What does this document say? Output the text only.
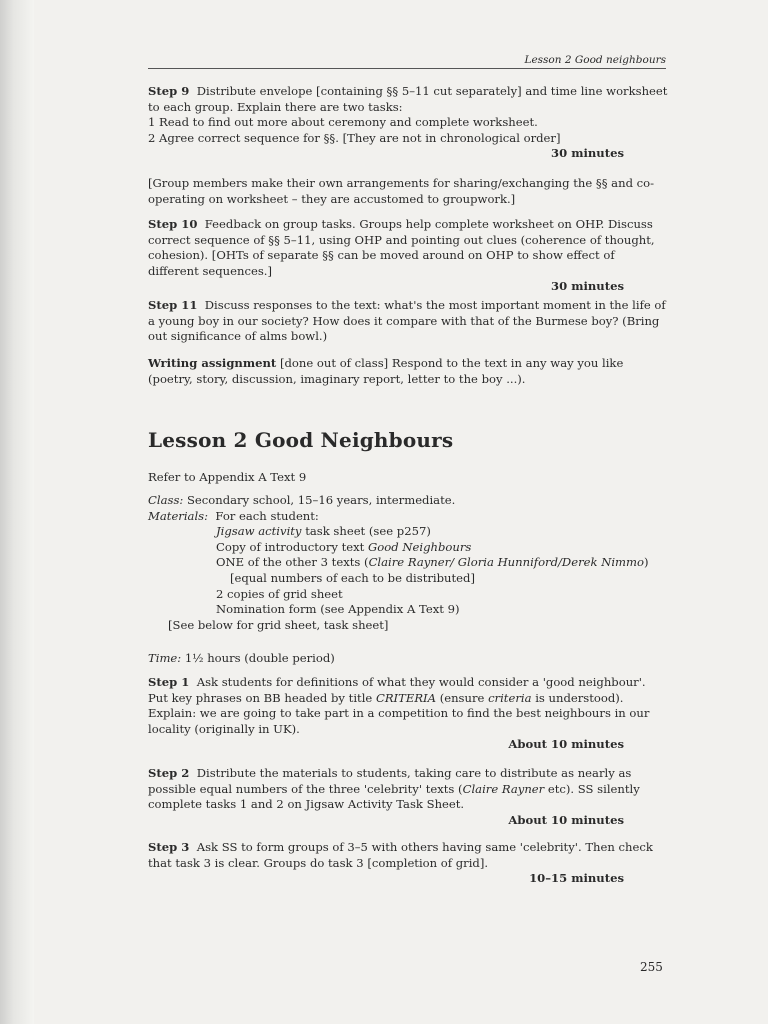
Lesson 2 Good neighbours

Step 9 Distribute envelope [containing §§ 5–11 cut separately] and time line worksheet to each group. Explain there are two tasks:

1 Read to find out more about ceremony and complete worksheet.

2 Agree correct sequence for §§. [They are not in chronological order]

30 minutes

[Group members make their own arrangements for sharing/exchanging the §§ and co-operating on worksheet – they are accustomed to groupwork.]

Step 10 Feedback on group tasks. Groups help complete worksheet on OHP. Discuss correct sequence of §§ 5–11, using OHP and pointing out clues (coherence of thought, cohesion). [OHTs of separate §§ can be moved around on OHP to show effect of different sequences.]

30 minutes

Step 11 Discuss responses to the text: what's the most important moment in the life of a young boy in our society? How does it compare with that of the Burmese boy? (Bring out significance of alms bowl.)

Writing assignment [done out of class] Respond to the text in any way you like (poetry, story, discussion, imaginary report, letter to the boy ...).

Lesson 2 Good Neighbours

Refer to Appendix A Text 9

Class: Secondary school, 15–16 years, intermediate.

Materials: For each student:

Jigsaw activity task sheet (see p257)

Copy of introductory text Good Neighbours

ONE of the other 3 texts (Claire Rayner/ Gloria Hunniford/Derek Nimmo)

[equal numbers of each to be distributed]

2 copies of grid sheet

Nomination form (see Appendix A Text 9)

[See below for grid sheet, task sheet]

Time: 1½ hours (double period)

Step 1 Ask students for definitions of what they would consider a 'good neighbour'. Put key phrases on BB headed by title CRITERIA (ensure criteria is understood). Explain: we are going to take part in a competition to find the best neighbours in our locality (originally in UK).

About 10 minutes

Step 2 Distribute the materials to students, taking care to distribute as nearly as possible equal numbers of the three 'celebrity' texts (Claire Rayner etc). SS silently complete tasks 1 and 2 on Jigsaw Activity Task Sheet.

About 10 minutes

Step 3 Ask SS to form groups of 3–5 with others having same 'celebrity'. Then check that task 3 is clear. Groups do task 3 [completion of grid].

10–15 minutes

255
